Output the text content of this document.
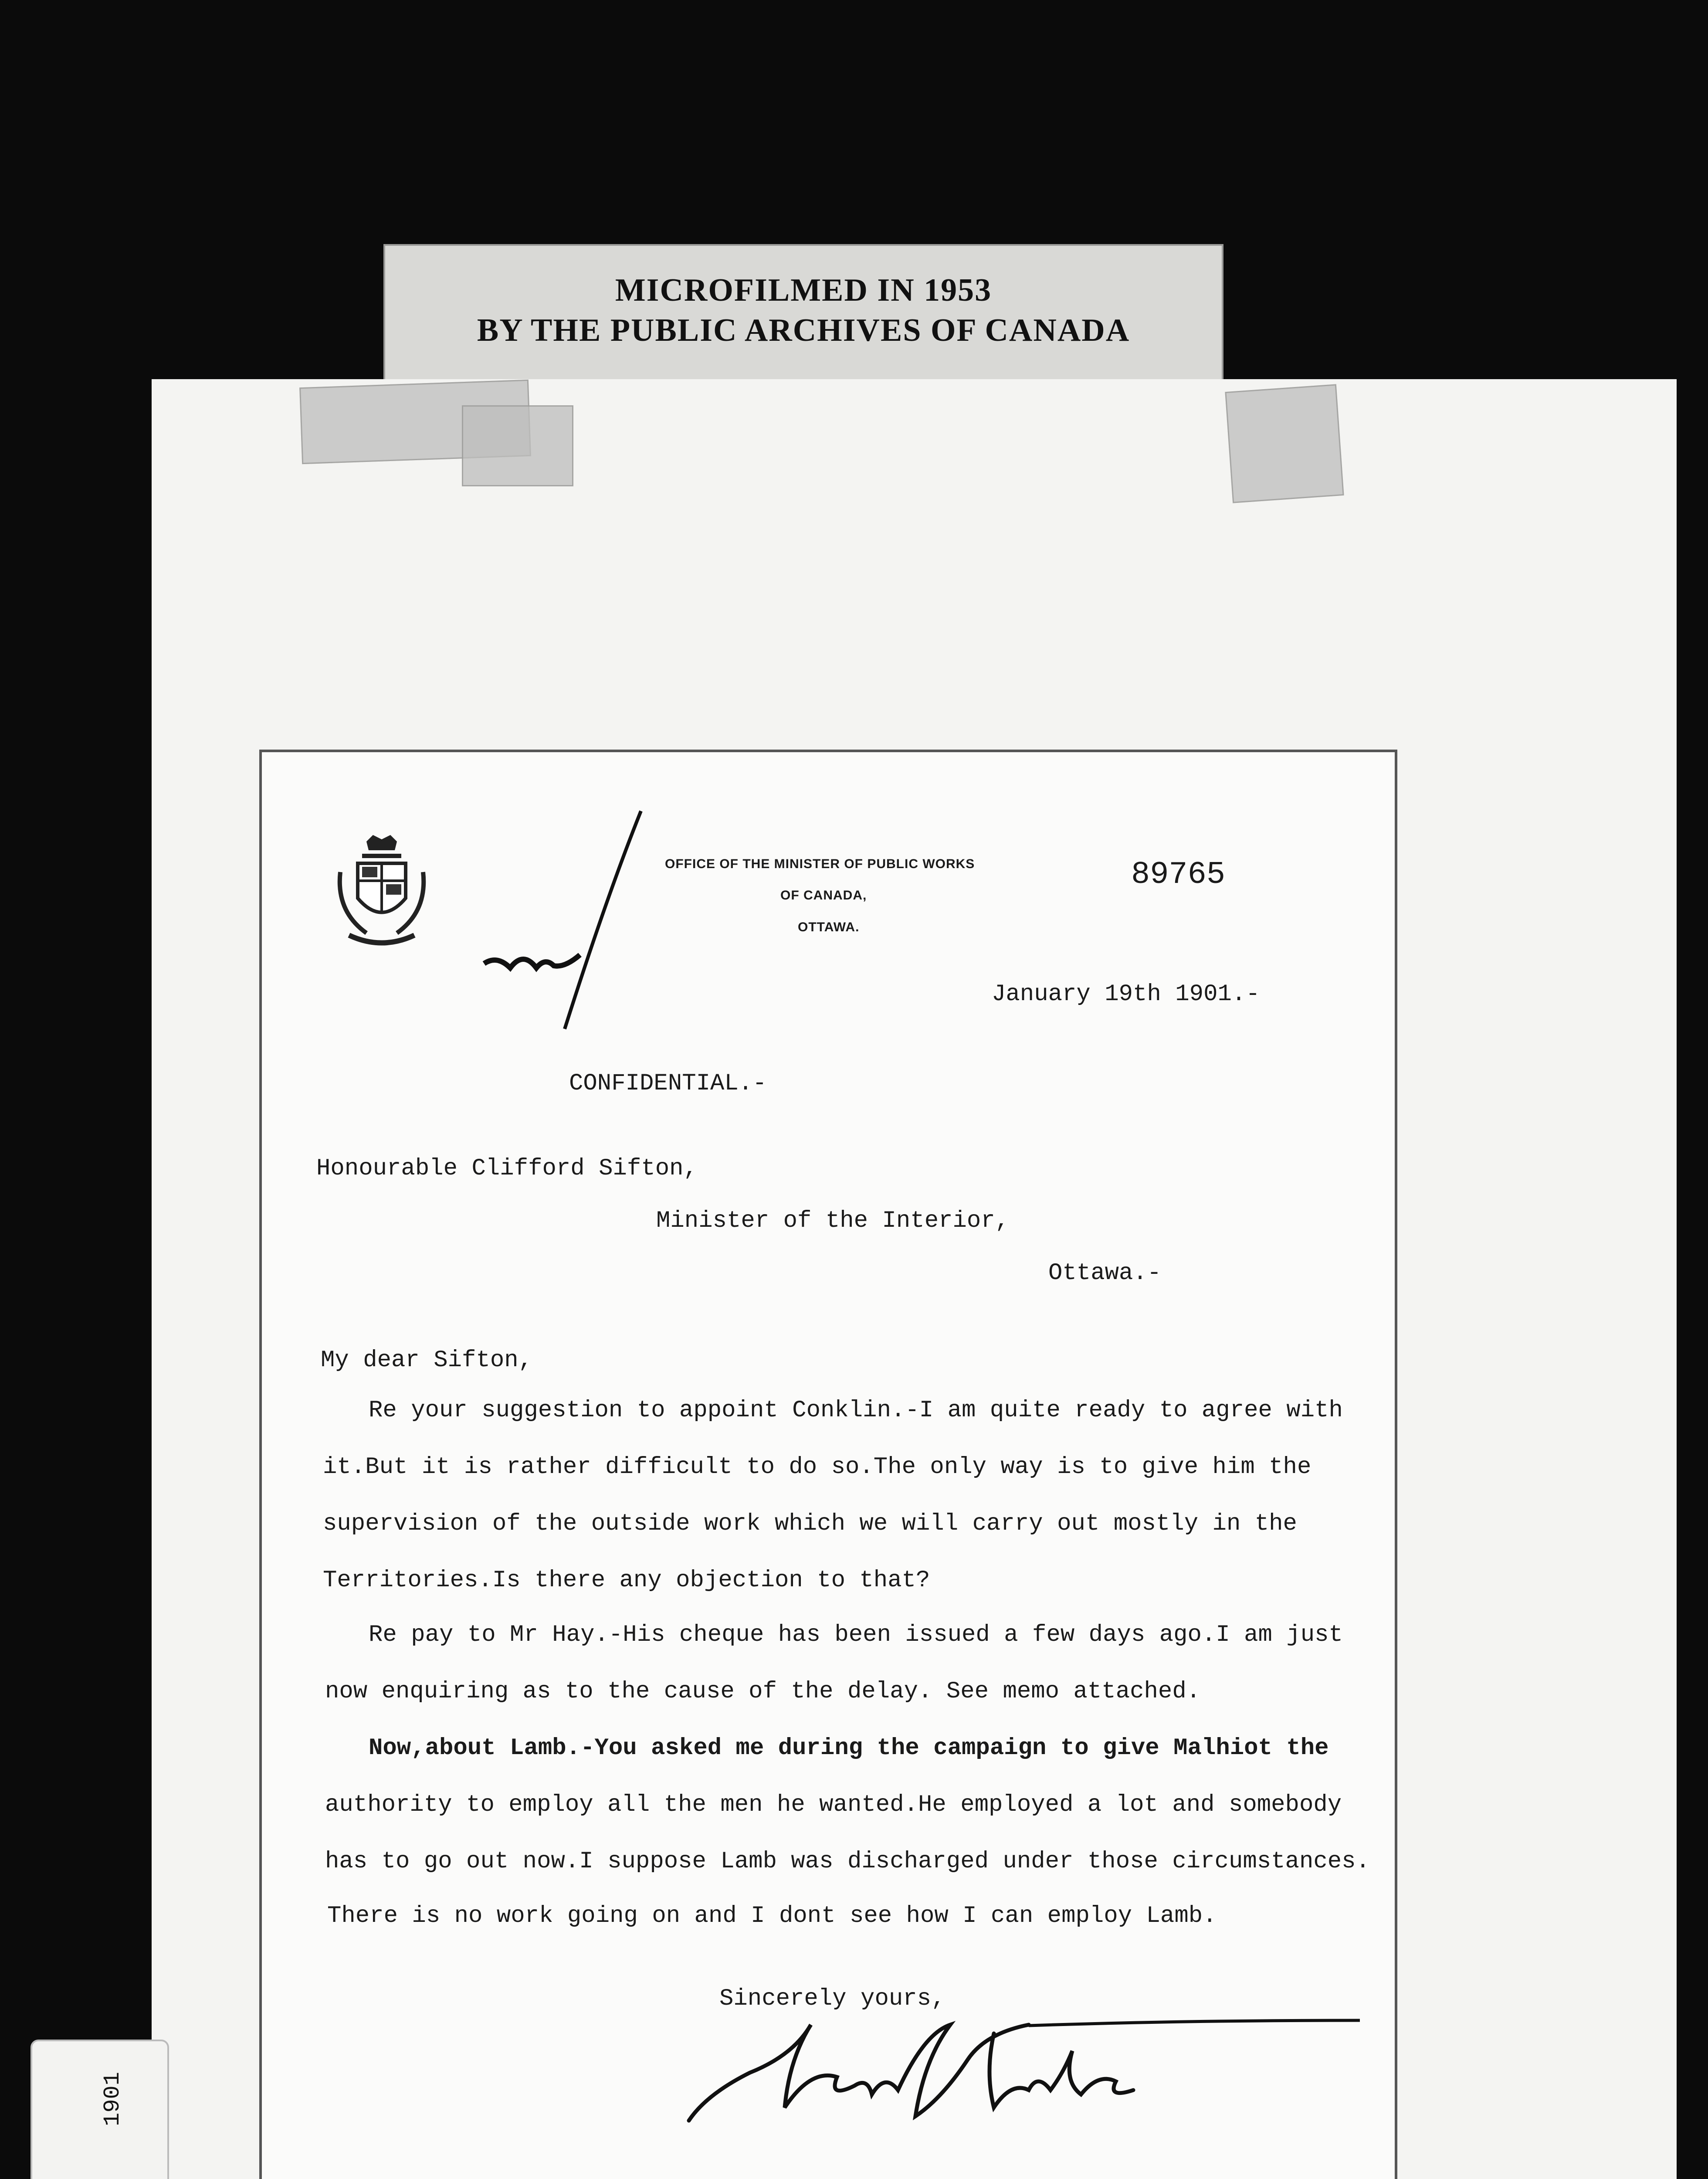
MICROFILMED IN 1953
BY THE PUBLIC ARCHIVES OF CANADA
OFFICE OF THE MINISTER OF PUBLIC WORKS
OF CANADA,
OTTAWA.
89765
January 19th 1901.-
CONFIDENTIAL.-
Honourable Clifford Sifton,
Minister of the Interior,
Ottawa.-
My dear Sifton,
Re your suggestion to appoint Conklin.-I am quite ready to agree with
it.But it is rather difficult to do so.The only way is to give him the
supervision of the outside work which we will carry out mostly in the
Territories.Is there any objection to that?
Re pay to Mr Hay.-His cheque has been issued a few days ago.I am just
now enquiring as to the cause of the delay. See memo attached.
Now,about Lamb.-You asked me during the campaign to give Malhiot the
authority to employ all the men he wanted.He employed a lot and somebody
has to go out now.I suppose Lamb was discharged under those circumstances.
There is no work going on and I dont see how I can employ Lamb.
Sincerely yours,
1901
